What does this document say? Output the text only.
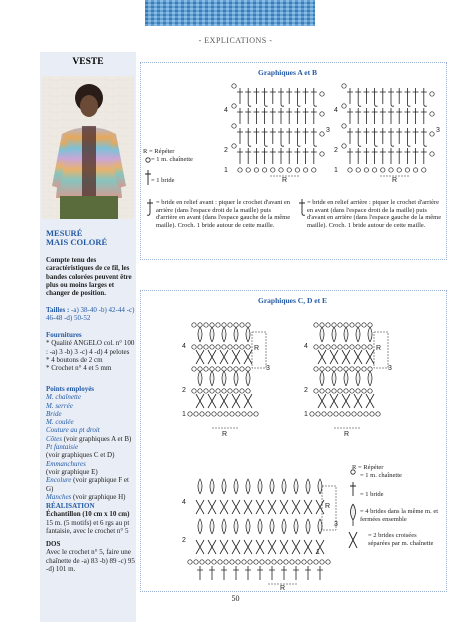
- EXPLICATIONS -
VESTE
MESURÉ
MAIS COLORÉ
Compte tenu des caractéristiques de ce fil, les bandes colorées peuvent être plus ou moins larges et changer de position.
Tailles : -a) 38-40 -b) 42-44 -c) 46-48 -d) 50-52
Fournitures
* Qualité ANGELO col. n° 100 : -a) 3 -b) 3 -c) 4 -d) 4 pelotes
* 4 boutons de 2 cm
* Crochet n° 4 et 5 mm
Points employés
M. chaînette
M. serrée
Bride
M. coulée
Couture au pt droit
Côtes (voir graphiques A et B)
Pt fantaisie
(voir graphiques C et D)
Emmanchures
(voir graphique E)
Encolure (voir graphique F et G)
Manches (voir graphique H)
RÉALISATION
Échantillon (10 cm x 10 cm)
15 m. (5 motifs) et 6 rgs au pt fantaisie, avec le crochet n° 5
DOS
Avec le crochet n° 5, faire une chaînette de -a) 83 -b) 89 -c) 95 -d) 101 m.
Graphiques A et B
1
2
3
4
R
1
2
3
4
R
R = Répéter
= 1 m. chaînette
= 1 bride
= bride en relief avant : piquer le crochet d'avant en arrière (dans l'espace droit de la maille) puis d'arrière en avant (dans l'espace gauche de la même maille). Croch. 1 bride autour de cette maille.
= bride en relief arrière : piquer le crochet d'arrière en avant (dans l'espace droit de la maille) puis d'avant en arrière (dans l'espace gauche de la même maille). Croch. 1 bride autour de cette maille.
Graphiques C, D et E
1
2
3
4	R
R
1
2
3
4	R
R
4
2
3
1
R
R
R = Répéter
= 1 m. chaînette
= 1 bride
= 4 brides dans la même m. et fermées ensemble
= 2 brides croisées séparées par m. chaînette
50
